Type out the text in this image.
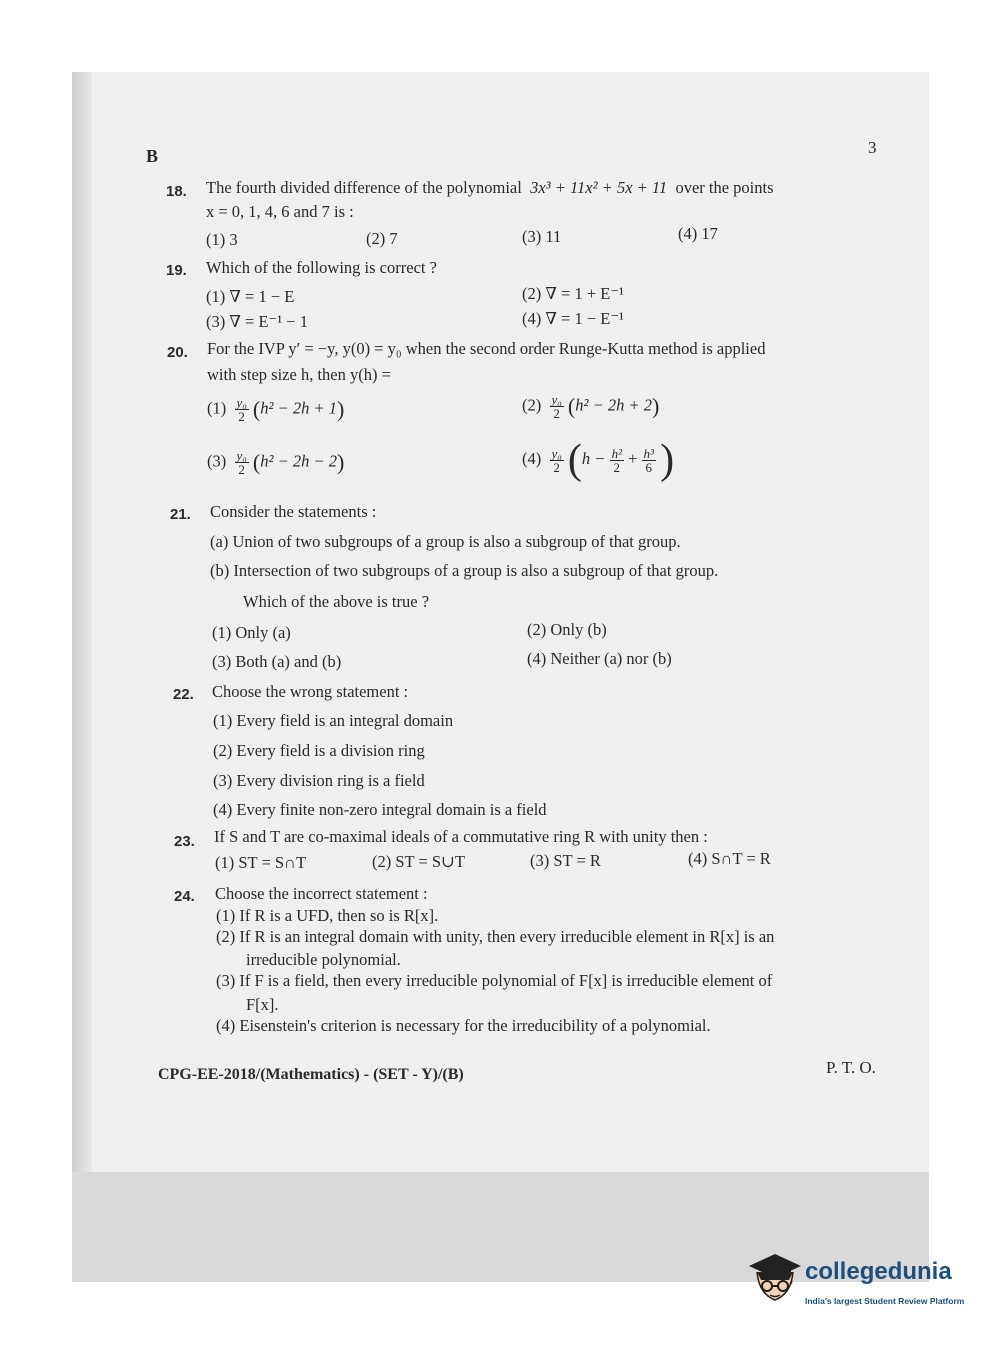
B	3
18. The fourth divided difference of the polynomial 3x³ + 11x² + 5x + 11 over the points
x = 0, 1, 4, 6 and 7 is :
(1) 3	(2) 7	(3) 11	(4) 17
19. Which of the following is correct ?
(1) ∇ = 1 − E	(2) ∇ = 1 + E⁻¹
(3) ∇ = E⁻¹ − 1	(4) ∇ = 1 − E⁻¹
20. For the IVP y′ = −y, y(0) = y₀ when the second order Runge-Kutta method is applied
with step size h, then y(h) =
$(1) \frac{\text{y₀}}{2} (h^2 - 2h + 1)$	$(2) \frac{\text{y₀}}{2} (h^2 - 2h + 2)$
$(3) \frac{\text{y₀}}{2} (h^2 - 2h - 2)$	$(4) \frac{\text{y₀}}{2} (h - \frac{\text{h²}}{2} + \frac{\text{h³}}{6}$ )
21. Consider the statements :
(a) Union of two subgroups of a group is also a subgroup of that group.
(b) Intersection of two subgroups of a group is also a subgroup of that group.
Which of the above is true ?
(1) Only (a)	(2) Only (b)
(3) Both (a) and (b)	(4) Neither (a) nor (b)
22. Choose the wrong statement :
(1) Every field is an integral domain
(2) Every field is a division ring
(3) Every division ring is a field
(4) Every finite non-zero integral domain is a field
23. If S and T are co-maximal ideals of a commutative ring R with unity then :
(1) ST = S∩T	(2) ST = S∪T	(3) ST = R	(4) S∩T = R
24. Choose the incorrect statement :
(1) If R is a UFD, then so is R[x].
(2) If R is an integral domain with unity, then every irreducible element in R[x] is an
irreducible polynomial.
(3) If F is a field, then every irreducible polynomial of F[x] is irreducible element of
F[x].
(4) Eisenstein's criterion is necessary for the irreducibility of a polynomial.
CPG-EE-2018/(Mathematics) - (SET - Y)/(B)	P. T. O.
collegedunia
India's largest Student Review Platform
